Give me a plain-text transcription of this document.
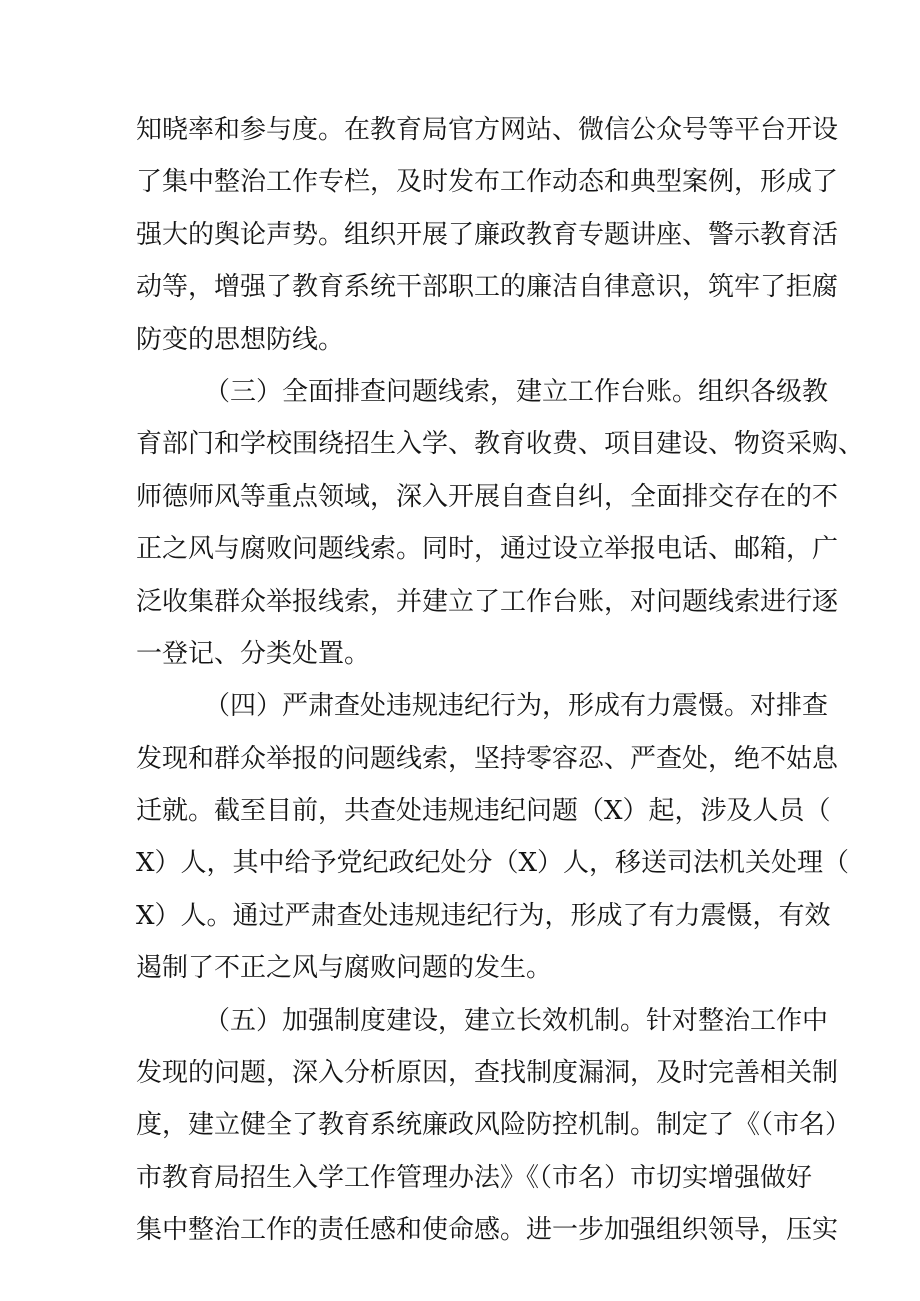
知晓率和参与度。在教育局官方网站、微信公众号等平台开设
了集中整治工作专栏，及时发布工作动态和典型案例，形成了
强大的舆论声势。组织开展了廉政教育专题讲座、警示教育活
动等，增强了教育系统干部职工的廉洁自律意识，筑牢了拒腐
防变的思想防线。
（三）全面排查问题线索，建立工作台账。组织各级教
育部门和学校围绕招生入学、教育收费、项目建设、物资采购、
师德师风等重点领域，深入开展自查自纠，全面排交存在的不
正之风与腐败问题线索。同时，通过设立举报电话、邮箱，广
泛收集群众举报线索，并建立了工作台账，对问题线索进行逐
一登记、分类处置。
（四）严肃查处违规违纪行为，形成有力震慑。对排查
发现和群众举报的问题线索，坚持零容忍、严查处，绝不姑息
迁就。截至目前，共查处违规违纪问题（X）起，涉及人员（
X）人，其中给予党纪政纪处分（X）人，移送司法机关处理（
X）人。通过严肃查处违规违纪行为，形成了有力震慑，有效
遏制了不正之风与腐败问题的发生。
（五）加强制度建设，建立长效机制。针对整治工作中
发现的问题，深入分析原因，查找制度漏洞，及时完善相关制
度，建立健全了教育系统廉政风险防控机制。制定了《（市名）
市教育局招生入学工作管理办法》《（市名）市切实增强做好
集中整治工作的责任感和使命感。进一步加强组织领导，压实
